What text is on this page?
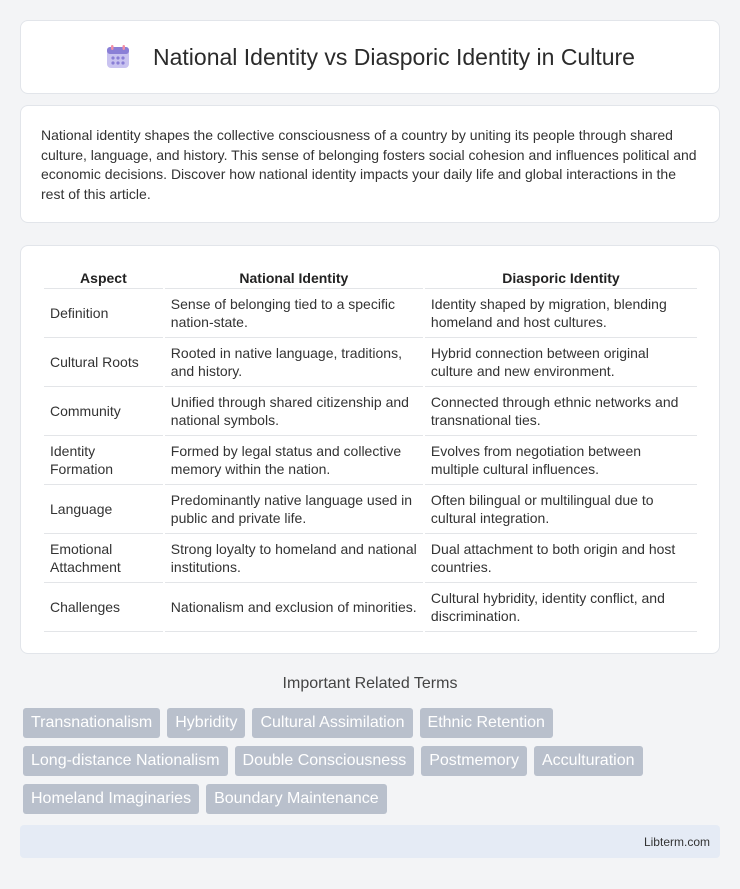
National Identity vs Diasporic Identity in Culture

National identity shapes the collective consciousness of a country by uniting its people through shared culture, language, and history. This sense of belonging fosters social cohesion and influences political and economic decisions. Discover how national identity impacts your daily life and global interactions in the rest of this article.

Aspect	National Identity	Diasporic Identity
Definition	Sense of belonging tied to a specific nation-state.	Identity shaped by migration, blending homeland and host cultures.
Cultural Roots	Rooted in native language, traditions, and history.	Hybrid connection between original culture and new environment.
Community	Unified through shared citizenship and national symbols.	Connected through ethnic networks and transnational ties.
Identity Formation	Formed by legal status and collective memory within the nation.	Evolves from negotiation between multiple cultural influences.
Language	Predominantly native language used in public and private life.	Often bilingual or multilingual due to cultural integration.
Emotional Attachment	Strong loyalty to homeland and national institutions.	Dual attachment to both origin and host countries.
Challenges	Nationalism and exclusion of minorities.	Cultural hybridity, identity conflict, and discrimination.
Important Related Terms
Transnationalism	Hybridity	Cultural Assimilation	Ethnic Retention
Long-distance Nationalism	Double Consciousness	Postmemory	Acculturation
Homeland Imaginaries	Boundary Maintenance
Libterm.com
